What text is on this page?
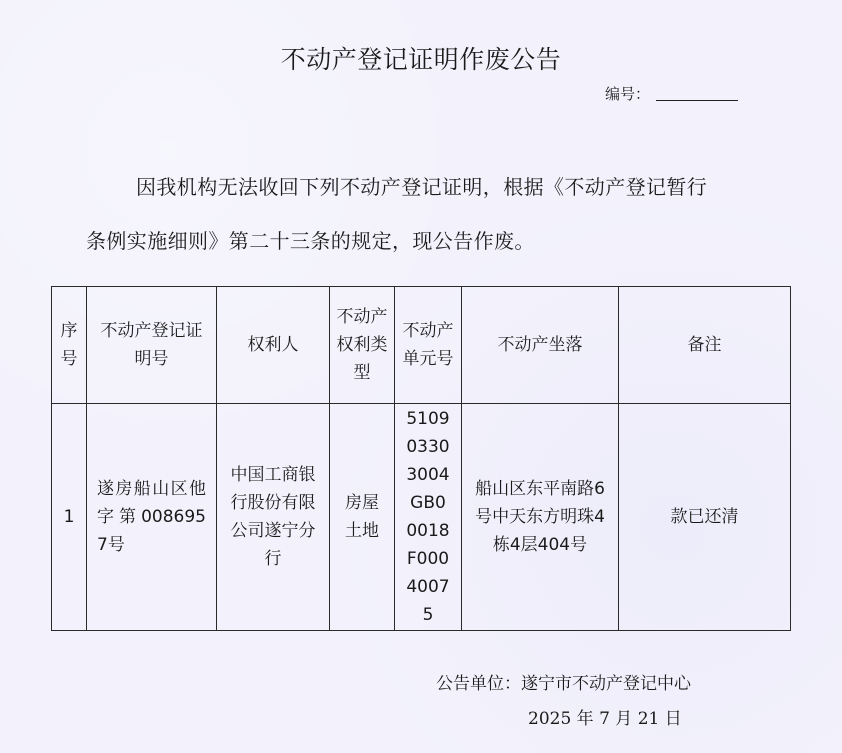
不动产登记证明作废公告
编号：
因我机构无法收回下列不动产登记证明，根据《不动产登记暂行
条例实施细则》第二十三条的规定，现公告作废。
序号	不动产登记证明号	权利人	不动产权利类型	不动产单元号	不动产坐落	备注
1	遂房船山区他字第0086957号	中国工商银行股份有限公司遂宁分行	房屋土地	510903303004GB00018F00040075	船山区东平南路6号中天东方明珠4栋4层404号	款已还清
公告单位：遂宁市不动产登记中心
2025 年 7 月 21 日
